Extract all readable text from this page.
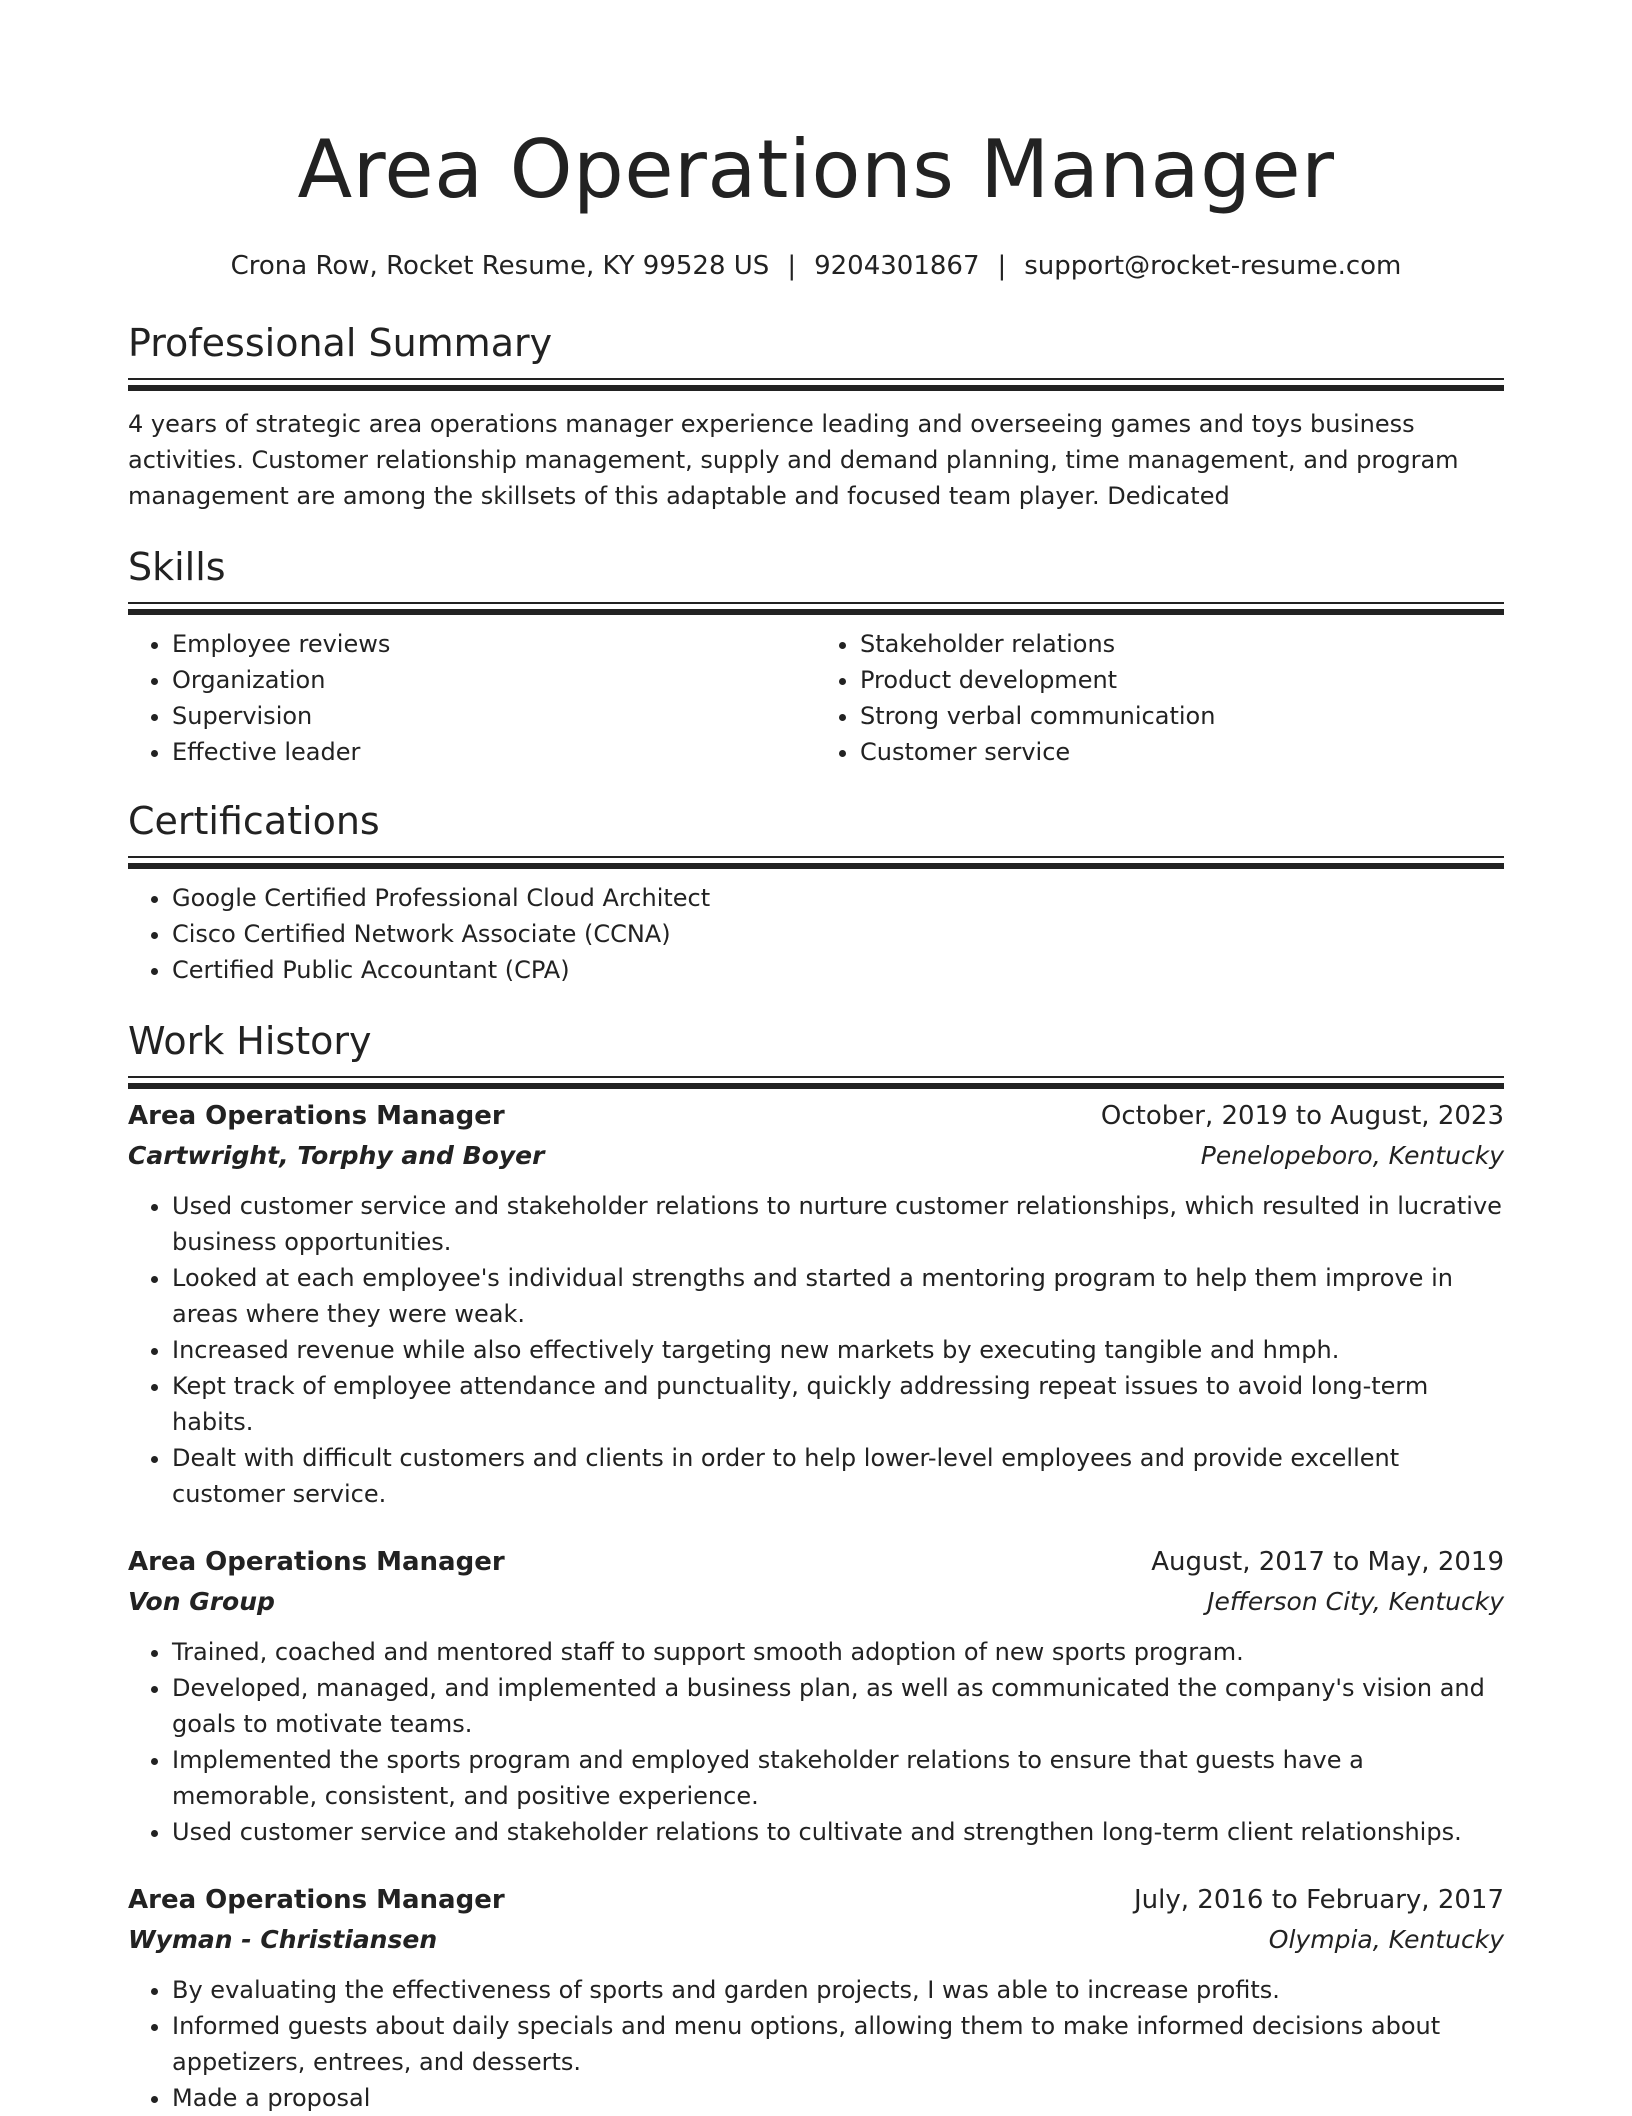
Area Operations Manager
Crona Row, Rocket Resume, KY 99528 US | 9204301867 | support@rocket-resume.com
Professional Summary

4 years of strategic area operations manager experience leading and overseeing games and toys business activities. Customer relationship management, supply and demand planning, time management, and program management are among the skillsets of this adaptable and focused team player. Dedicated

Skills
• Employee reviews
• Organization
• Supervision
• Effective leader
• Stakeholder relations
• Product development
• Strong verbal communication
• Customer service
Certifications
• Google Certified Professional Cloud Architect
• Cisco Certified Network Associate (CCNA)
• Certified Public Accountant (CPA)
Work History
Area Operations Manager	October, 2019 to August, 2023
Cartwright, Torphy and Boyer	Penelopeboro, Kentucky
• Used customer service and stakeholder relations to nurture customer relationships, which resulted in lucrative business opportunities.
• Looked at each employee's individual strengths and started a mentoring program to help them improve in areas where they were weak.
• Increased revenue while also effectively targeting new markets by executing tangible and hmph.
• Kept track of employee attendance and punctuality, quickly addressing repeat issues to avoid long-term habits.
• Dealt with difficult customers and clients in order to help lower-level employees and provide excellent customer service.
Area Operations Manager	August, 2017 to May, 2019
Von Group	Jefferson City, Kentucky
• Trained, coached and mentored staff to support smooth adoption of new sports program.
• Developed, managed, and implemented a business plan, as well as communicated the company's vision and goals to motivate teams.
• Implemented the sports program and employed stakeholder relations to ensure that guests have a memorable, consistent, and positive experience.
• Used customer service and stakeholder relations to cultivate and strengthen long-term client relationships.
Area Operations Manager	July, 2016 to February, 2017
Wyman - Christiansen	Olympia, Kentucky
• By evaluating the effectiveness of sports and garden projects, I was able to increase profits.
• Informed guests about daily specials and menu options, allowing them to make informed decisions about appetizers, entrees, and desserts.
• Made a proposal
